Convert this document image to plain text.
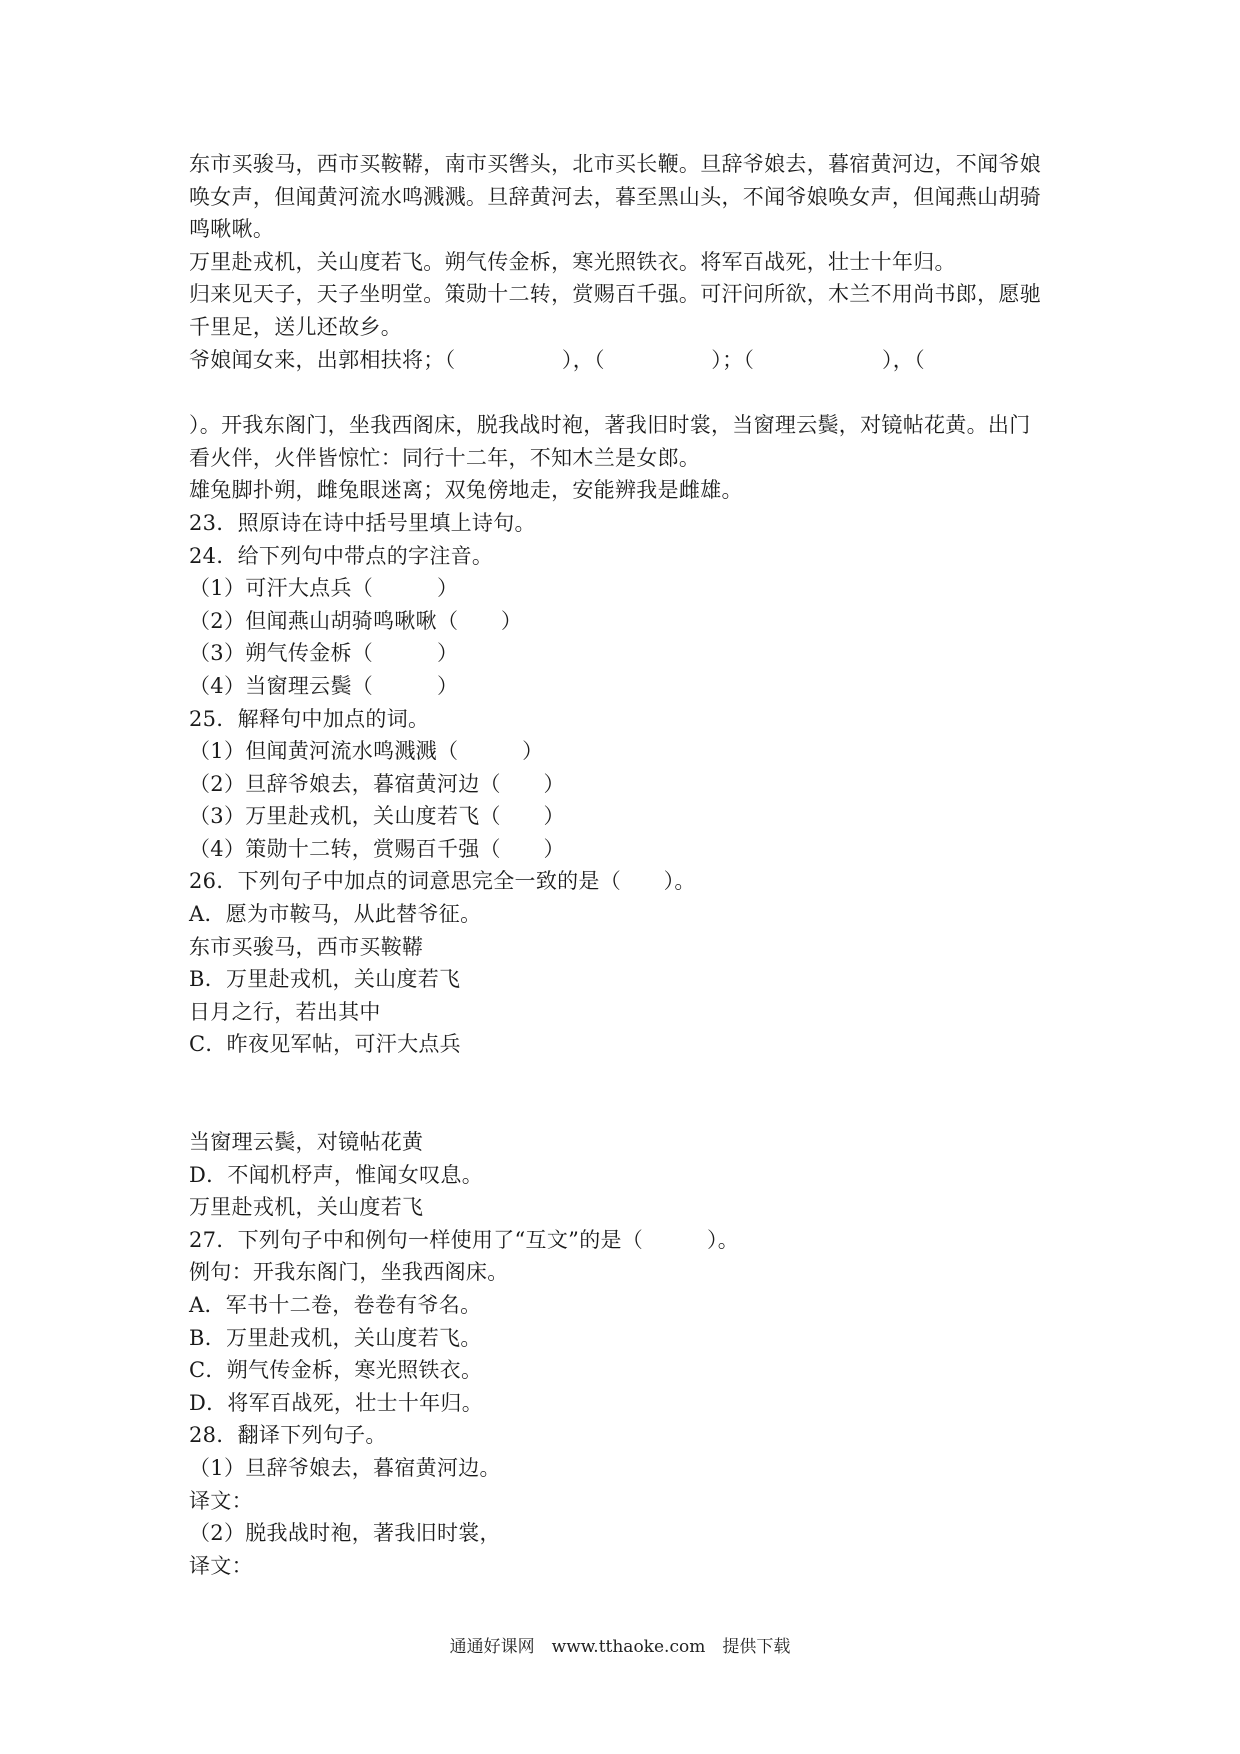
东市买骏马，西市买鞍鞯，南市买辔头，北市买长鞭。旦辞爷娘去，暮宿黄河边，不闻爷娘
唤女声，但闻黄河流水鸣溅溅。旦辞黄河去，暮至黑山头，不闻爷娘唤女声，但闻燕山胡骑
鸣啾啾。
万里赴戎机，关山度若飞。朔气传金柝，寒光照铁衣。将军百战死，壮士十年归。
归来见天子，天子坐明堂。策勋十二转，赏赐百千强。可汗问所欲，木兰不用尚书郎，愿驰
千里足，送儿还故乡。
爷娘闻女来，出郭相扶将；（　　　　　），（　　　　　）；（　　　　　　），（
）。开我东阁门，坐我西阁床，脱我战时袍，著我旧时裳，当窗理云鬓，对镜帖花黄。出门
看火伴，火伴皆惊忙：同行十二年，不知木兰是女郎。
雄兔脚扑朔，雌兔眼迷离；双兔傍地走，安能辨我是雌雄。
23．照原诗在诗中括号里填上诗句。
24．给下列句中带点的字注音。
（1）可汗大点兵（　　　）
（2）但闻燕山胡骑鸣啾啾（　　）
（3）朔气传金柝（　　　）
（4）当窗理云鬓（　　　）
25．解释句中加点的词。
（1）但闻黄河流水鸣溅溅（　　　）
（2）旦辞爷娘去，暮宿黄河边（　　）
（3）万里赴戎机，关山度若飞（　　）
（4）策勋十二转，赏赐百千强（　　）
26．下列句子中加点的词意思完全一致的是（　　）。
A．愿为市鞍马，从此替爷征。
东市买骏马，西市买鞍鞯
B．万里赴戎机，关山度若飞
日月之行，若出其中
C．昨夜见军帖，可汗大点兵
当窗理云鬓，对镜帖花黄
D．不闻机杼声，惟闻女叹息。
万里赴戎机，关山度若飞
27．下列句子中和例句一样使用了“互文”的是（　　　）。
例句：开我东阁门，坐我西阁床。
A．军书十二卷，卷卷有爷名。
B．万里赴戎机，关山度若飞。
C．朔气传金柝，寒光照铁衣。
D．将军百战死，壮士十年归。
28．翻译下列句子。
（1）旦辞爷娘去，暮宿黄河边。
译文：
（2）脱我战时袍，著我旧时裳，
译文：
通通好课网　www.tthaoke.com　提供下载
